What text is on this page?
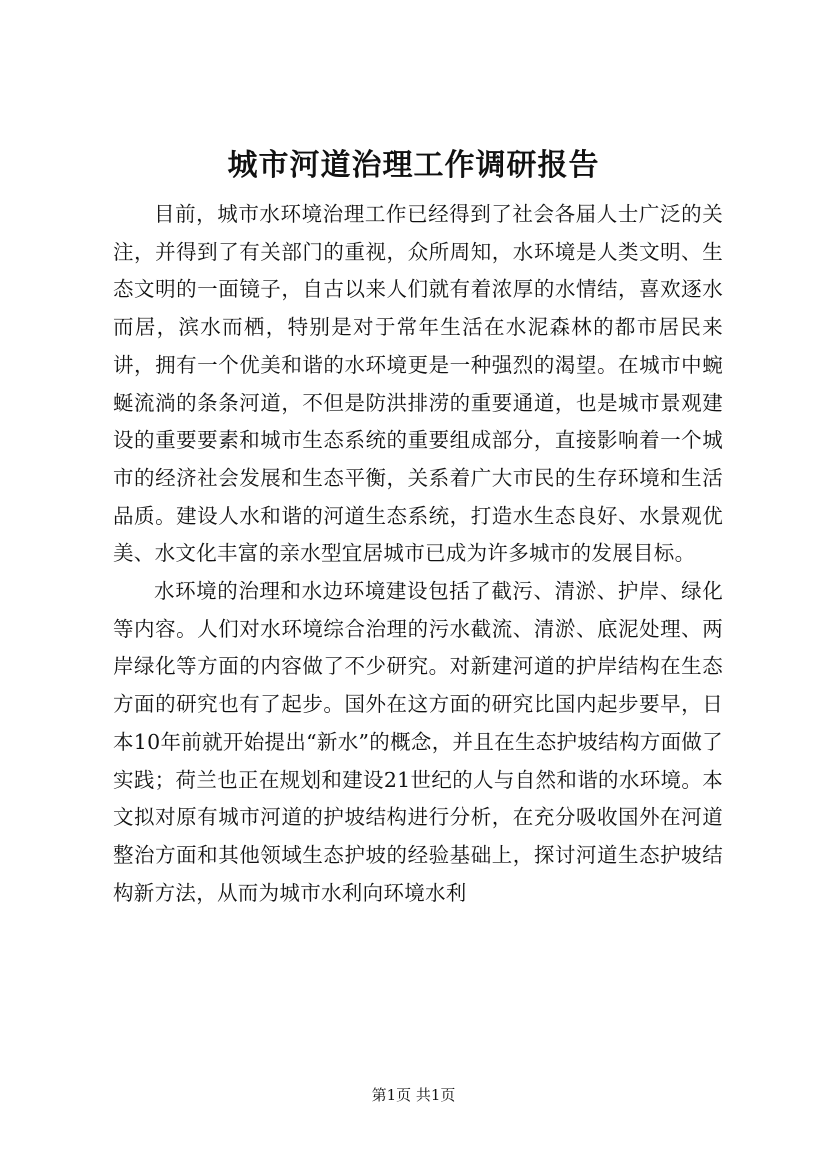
城市河道治理工作调研报告

目前，城市水环境治理工作已经得到了社会各届人士广泛的关注，并得到了有关部门的重视，众所周知，水环境是人类文明、生态文明的一面镜子，自古以来人们就有着浓厚的水情结，喜欢逐水而居，滨水而栖，特别是对于常年生活在水泥森林的都市居民来讲，拥有一个优美和谐的水环境更是一种强烈的渴望。在城市中蜿蜒流淌的条条河道，不但是防洪排涝的重要通道，也是城市景观建设的重要要素和城市生态系统的重要组成部分，直接影响着一个城市的经济社会发展和生态平衡，关系着广大市民的生存环境和生活品质。建设人水和谐的河道生态系统，打造水生态良好、水景观优美、水文化丰富的亲水型宜居城市已成为许多城市的发展目标。

水环境的治理和水边环境建设包括了截污、清淤、护岸、绿化等内容。人们对水环境综合治理的污水截流、清淤、底泥处理、两岸绿化等方面的内容做了不少研究。对新建河道的护岸结构在生态方面的研究也有了起步。国外在这方面的研究比国内起步要早，日本10年前就开始提出“新水”的概念，并且在生态护坡结构方面做了实践；荷兰也正在规划和建设21世纪的人与自然和谐的水环境。本文拟对原有城市河道的护坡结构进行分析，在充分吸收国外在河道整治方面和其他领域生态护坡的经验基础上，探讨河道生态护坡结构新方法，从而为城市水利向环境水利

第1页 共1页
